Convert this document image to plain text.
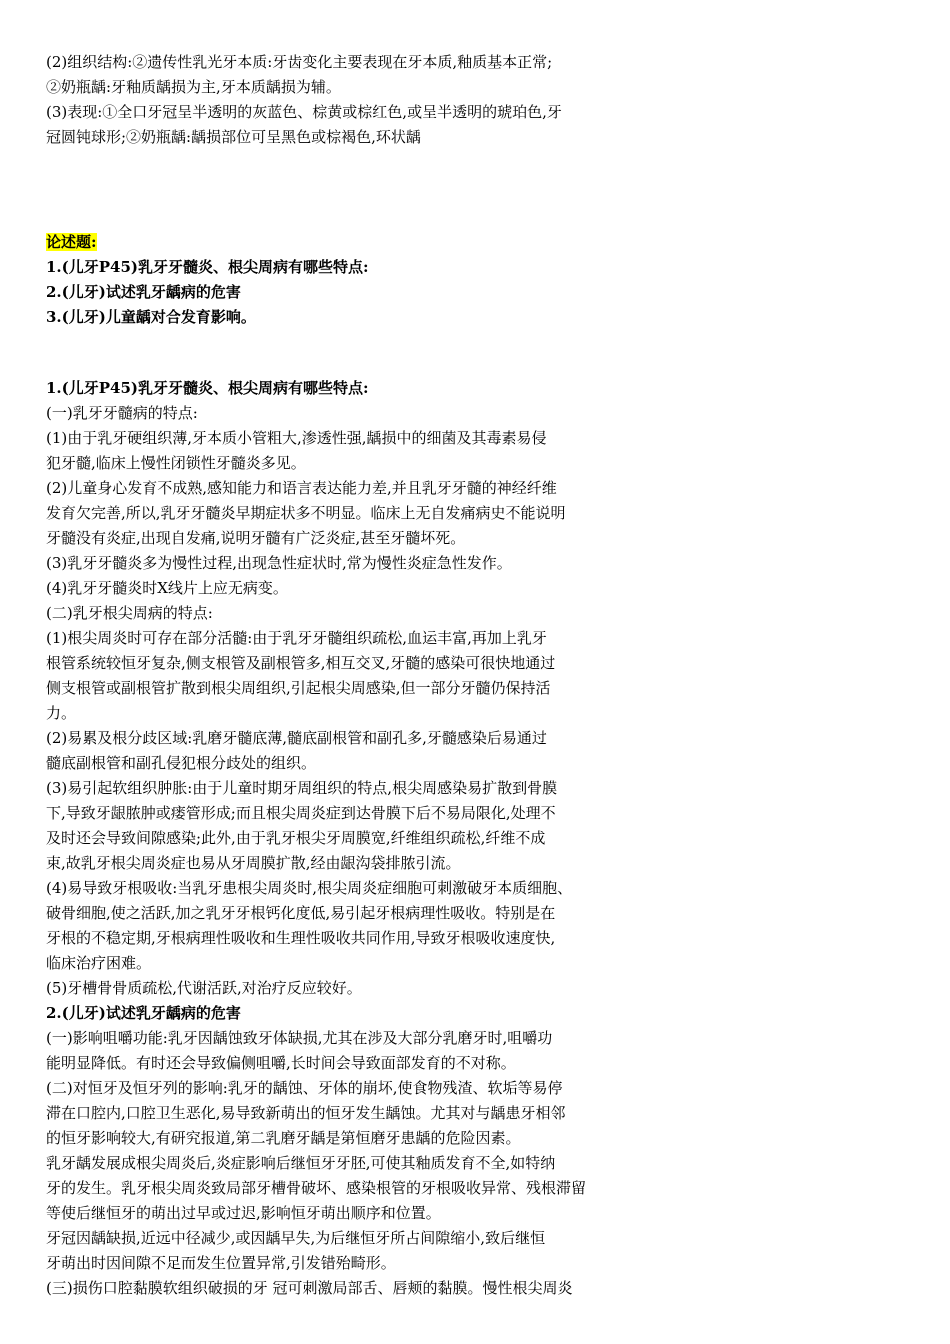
(2)组织结构:②遗传性乳光牙本质:牙齿变化主要表现在牙本质,釉质基本正常;

②奶瓶龋:牙釉质龋损为主,牙本质龋损为辅。

(3)表现:①全口牙冠呈半透明的灰蓝色、棕黄或棕红色,或呈半透明的琥珀色,牙

冠圆钝球形;②奶瓶龋:龋损部位可呈黑色或棕褐色,环状龋

论述题:

1.(儿牙P45)乳牙牙髓炎、根尖周病有哪些特点:

2.(儿牙)试述乳牙龋病的危害

3.(儿牙)儿童龋对合发育影响。

1.(儿牙P45)乳牙牙髓炎、根尖周病有哪些特点:

(一)乳牙牙髓病的特点:

(1)由于乳牙硬组织薄,牙本质小管粗大,渗透性强,龋损中的细菌及其毒素易侵

犯牙髓,临床上慢性闭锁性牙髓炎多见。

(2)儿童身心发育不成熟,感知能力和语言表达能力差,并且乳牙牙髓的神经纤维

发育欠完善,所以,乳牙牙髓炎早期症状多不明显。临床上无自发痛病史不能说明

牙髓没有炎症,出现自发痛,说明牙髓有广泛炎症,甚至牙髓坏死。

(3)乳牙牙髓炎多为慢性过程,出现急性症状时,常为慢性炎症急性发作。

(4)乳牙牙髓炎时X线片上应无病变。

(二)乳牙根尖周病的特点:

(1)根尖周炎时可存在部分活髓:由于乳牙牙髓组织疏松,血运丰富,再加上乳牙

根管系统较恒牙复杂,侧支根管及副根管多,相互交叉,牙髓的感染可很快地通过

侧支根管或副根管扩散到根尖周组织,引起根尖周感染,但一部分牙髓仍保持活

力。

(2)易累及根分歧区域:乳磨牙髓底薄,髓底副根管和副孔多,牙髓感染后易通过

髓底副根管和副孔侵犯根分歧处的组织。

(3)易引起软组织肿胀:由于儿童时期牙周组织的特点,根尖周感染易扩散到骨膜

下,导致牙龈脓肿或瘘管形成;而且根尖周炎症到达骨膜下后不易局限化,处理不

及时还会导致间隙感染;此外,由于乳牙根尖牙周膜宽,纤维组织疏松,纤维不成

束,故乳牙根尖周炎症也易从牙周膜扩散,经由龈沟袋排脓引流。

(4)易导致牙根吸收:当乳牙患根尖周炎时,根尖周炎症细胞可刺激破牙本质细胞、

破骨细胞,使之活跃,加之乳牙牙根钙化度低,易引起牙根病理性吸收。特别是在

牙根的不稳定期,牙根病理性吸收和生理性吸收共同作用,导致牙根吸收速度快,

临床治疗困难。

(5)牙槽骨骨质疏松,代谢活跃,对治疗反应较好。

2.(儿牙)试述乳牙龋病的危害

(一)影响咀嚼功能:乳牙因龋蚀致牙体缺损,尤其在涉及大部分乳磨牙时,咀嚼功

能明显降低。有时还会导致偏侧咀嚼,长时间会导致面部发育的不对称。

(二)对恒牙及恒牙列的影响:乳牙的龋蚀、牙体的崩坏,使食物残渣、软垢等易停

滞在口腔内,口腔卫生恶化,易导致新萌出的恒牙发生龋蚀。尤其对与龋患牙相邻

的恒牙影响较大,有研究报道,第二乳磨牙龋是第恒磨牙患龋的危险因素。

乳牙龋发展成根尖周炎后,炎症影响后继恒牙牙胚,可使其釉质发育不全,如特纳

牙的发生。乳牙根尖周炎致局部牙槽骨破坏、感染根管的牙根吸收异常、残根滞留

等使后继恒牙的萌出过早或过迟,影响恒牙萌出顺序和位置。

牙冠因龋缺损,近远中径减少,或因龋早失,为后继恒牙所占间隙缩小,致后继恒

牙萌出时因间隙不足而发生位置异常,引发错殆畸形。

(三)损伤口腔黏膜软组织破损的牙 冠可刺激局部舌、唇颊的黏膜。慢性根尖周炎
